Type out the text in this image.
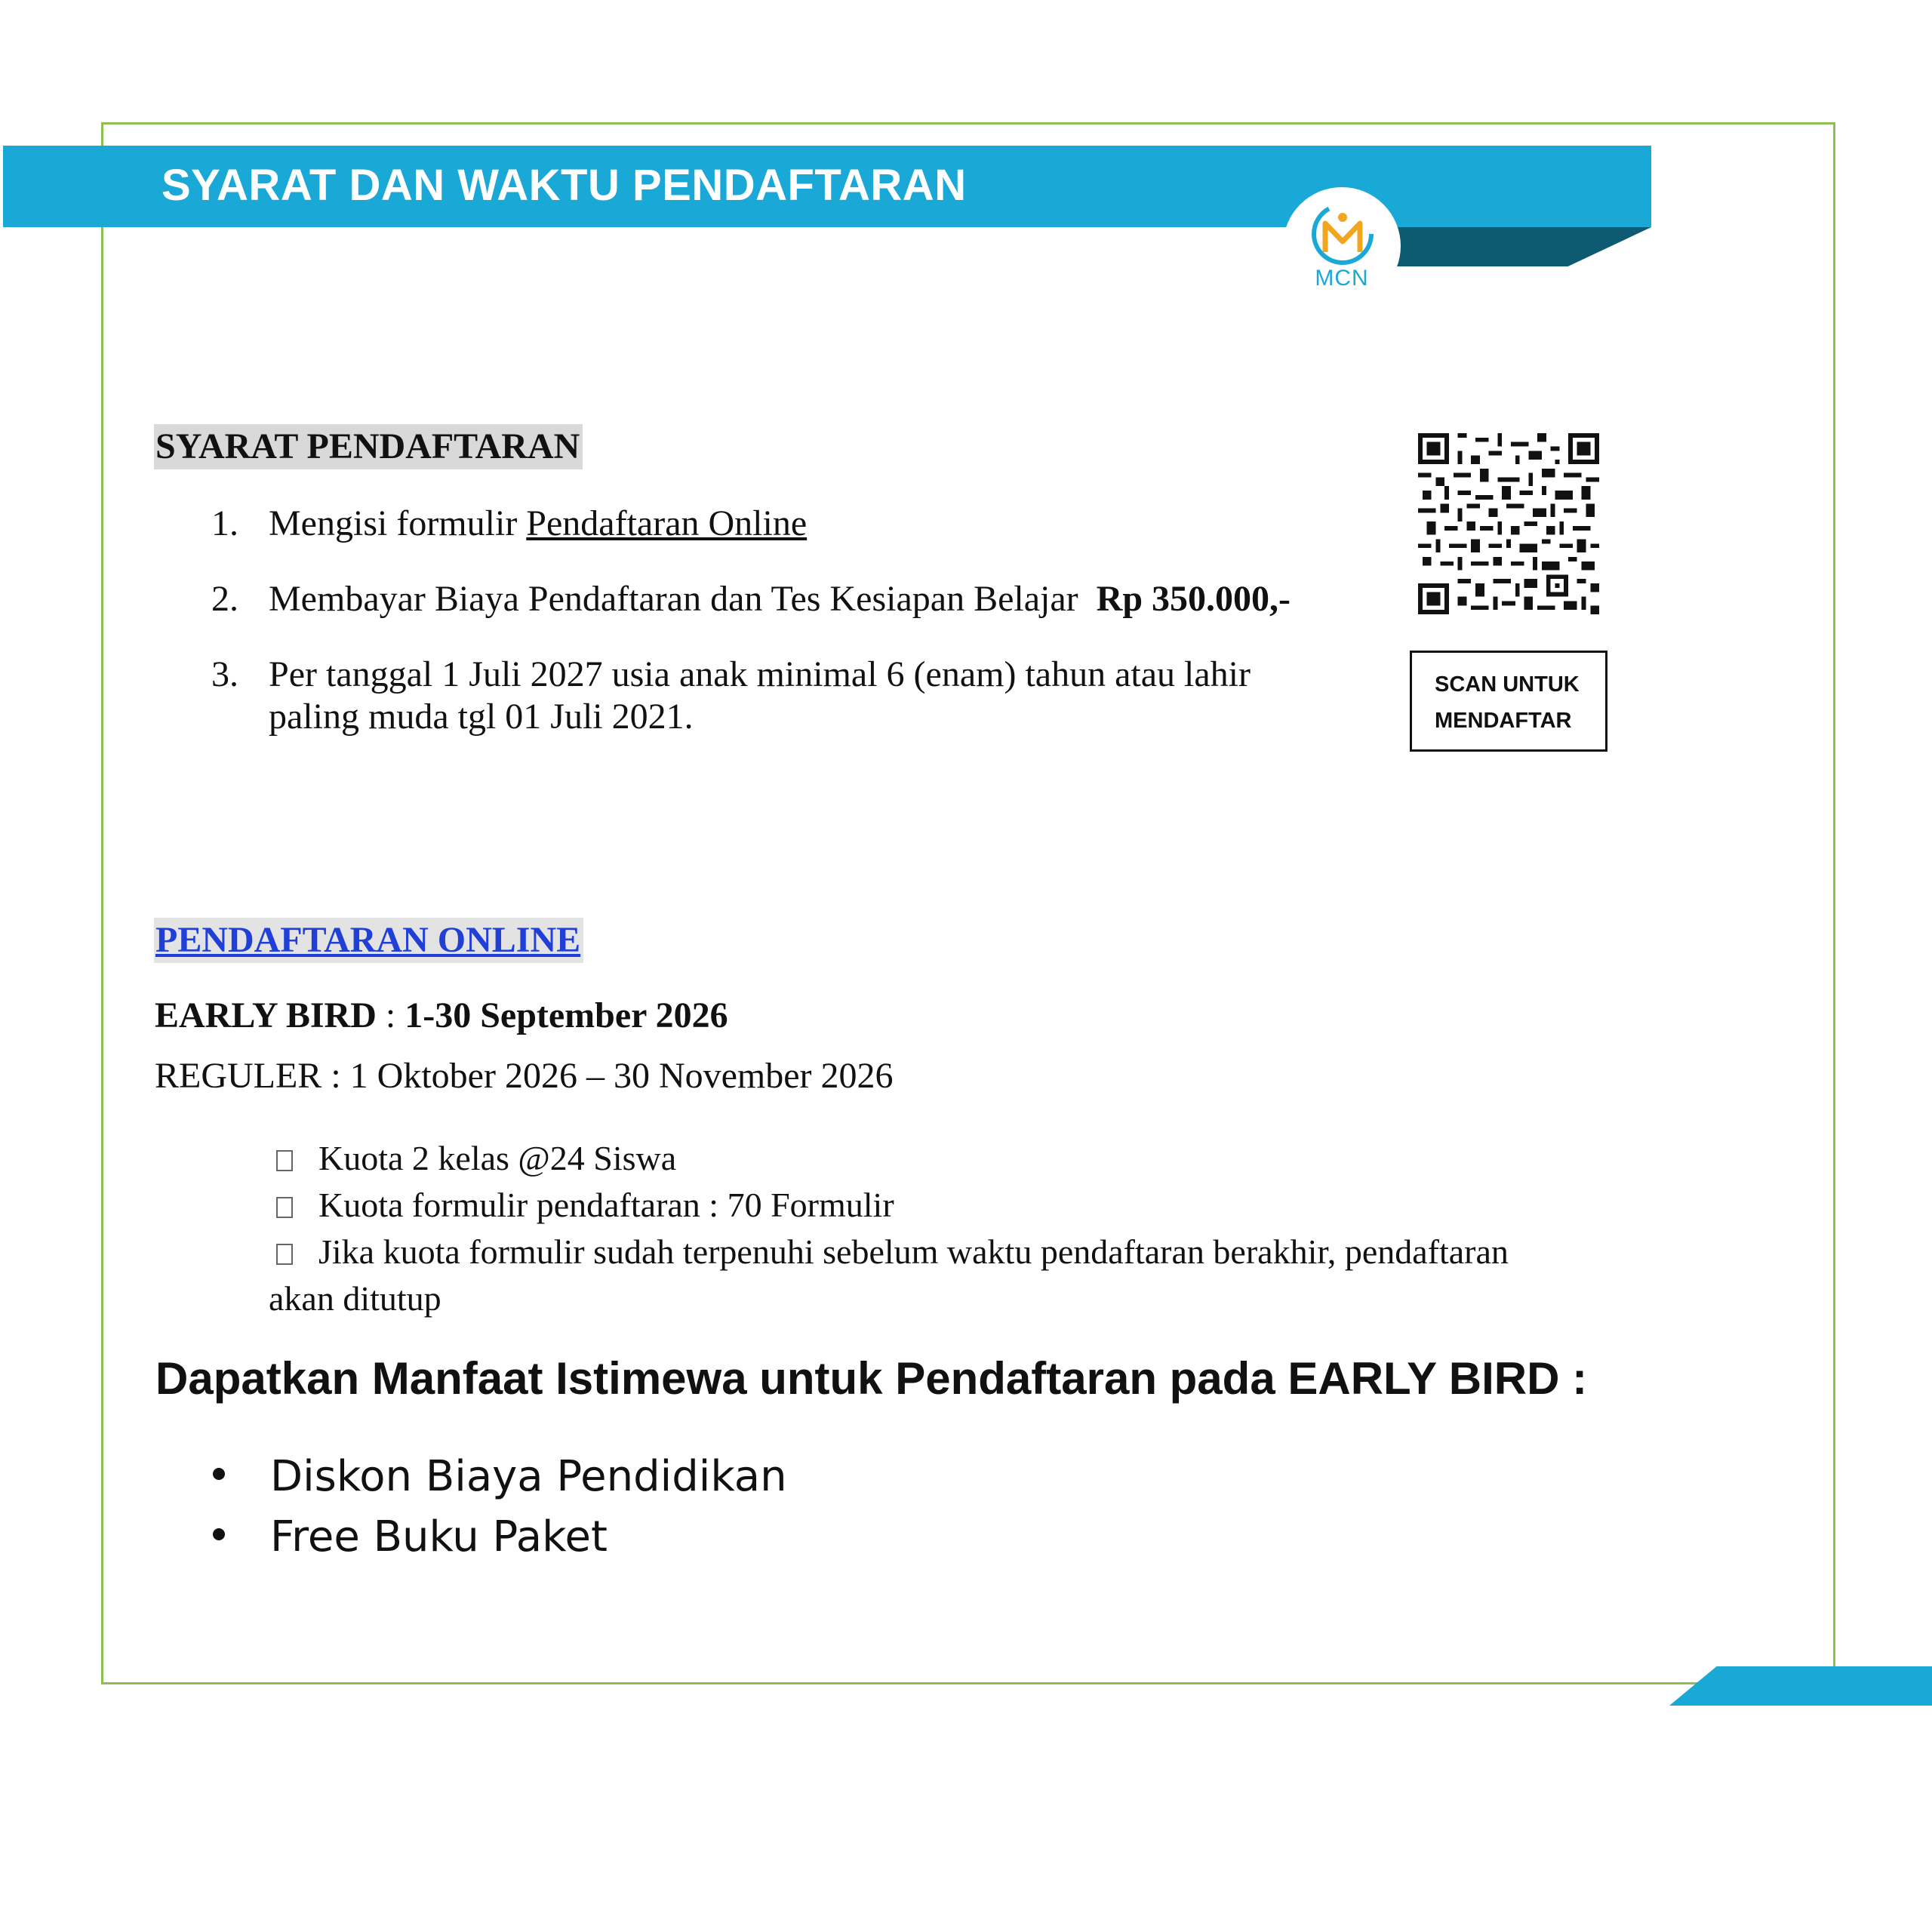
SYARAT DAN WAKTU PENDAFTARAN
MCN
SYARAT PENDAFTARAN
1. Mengisi formulir Pendaftaran Online
2. Membayar Biaya Pendaftaran dan Tes Kesiapan Belajar Rp 350.000,-
3. Per tanggal 1 Juli 2027 usia anak minimal 6 (enam) tahun atau lahir
paling muda tgl 01 Juli 2021.
SCAN UNTUK
MENDAFTAR
PENDAFTARAN ONLINE
EARLY BIRD : 1-30 September 2026
REGULER : 1 Oktober 2026 – 30 November 2026
Kuota 2 kelas @24 Siswa
Kuota formulir pendaftaran : 70 Formulir
Jika kuota formulir sudah terpenuhi sebelum waktu pendaftaran berakhir, pendaftaran
akan ditutup
Dapatkan Manfaat Istimewa untuk Pendaftaran pada EARLY BIRD :
Diskon Biaya Pendidikan
Free Buku Paket
